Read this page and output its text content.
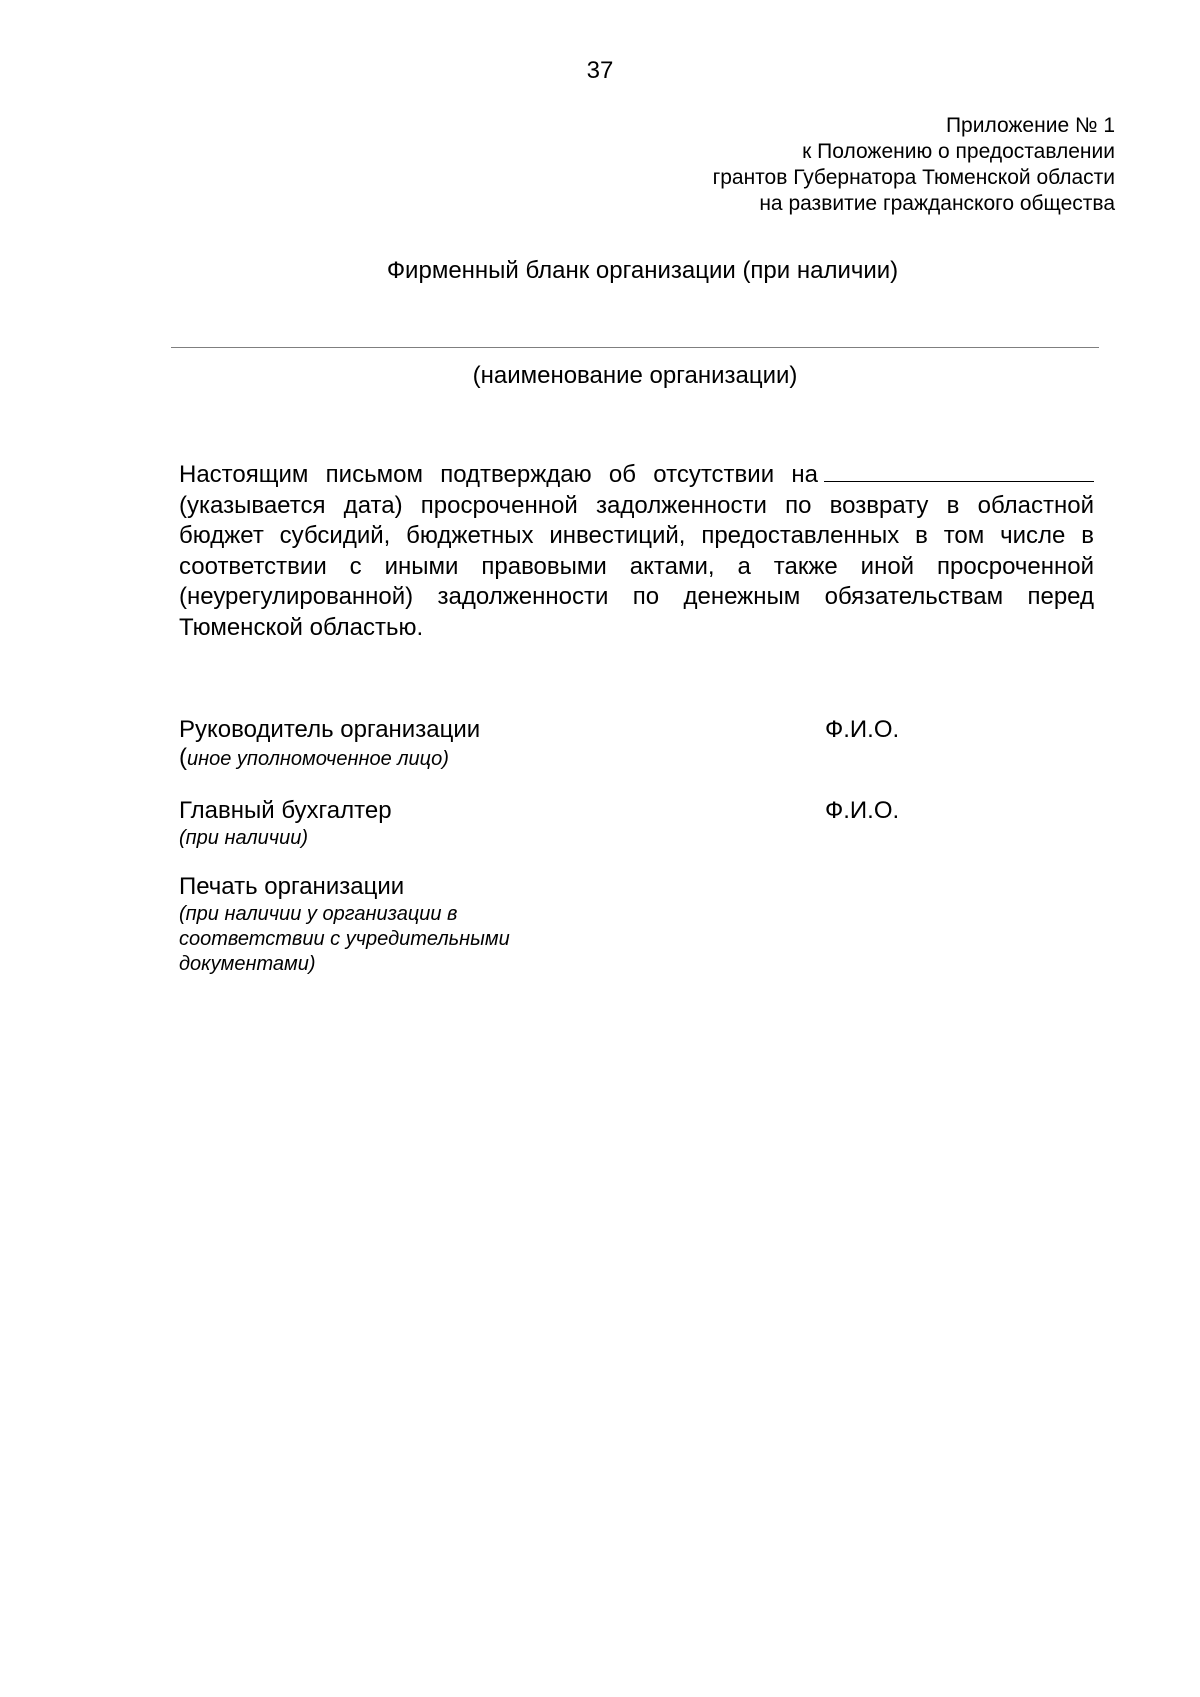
37
Приложение № 1
к Положению о предоставлении
грантов Губернатора Тюменской области
на развитие гражданского общества
Фирменный бланк организации (при наличии)
(наименование организации)
Настоящим письмом подтверждаю об отсутствии на (указывается дата) просроченной задолженности по возврату в областной бюджет субсидий, бюджетных инвестиций, предоставленных в том числе в соответствии с иными правовыми актами, а также иной просроченной (неурегулированной) задолженности по денежным обязательствам перед Тюменской областью.
Руководитель организации
(иное уполномоченное лицо)
Ф.И.О.
Главный бухгалтер
(при наличии)
Ф.И.О.
Печать организации
(при наличии у организации в
соответствии с учредительными
документами)
